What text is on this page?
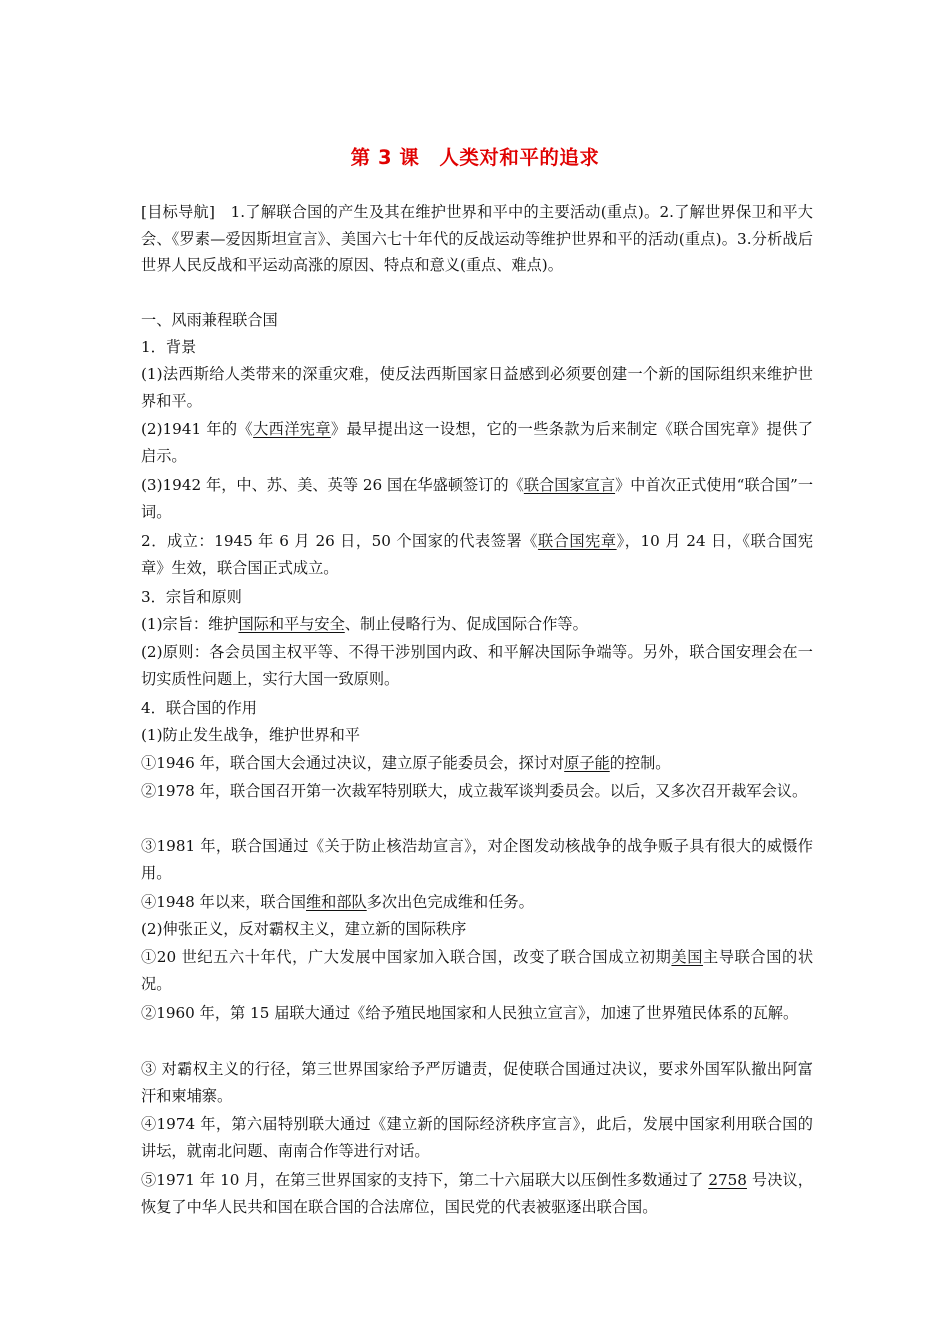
第 3 课　人类对和平的追求
[目标导航]　1.了解联合国的产生及其在维护世界和平中的主要活动(重点)。2.了解世界保卫和平大会、《罗素—爱因斯坦宣言》、美国六七十年代的反战运动等维护世界和平的活动(重点)。3.分析战后世界人民反战和平运动高涨的原因、特点和意义(重点、难点)。
一、风雨兼程联合国
1．背景
(1)法西斯给人类带来的深重灾难，使反法西斯国家日益感到必须要创建一个新的国际组织来维护世界和平。
(2)1941 年的《大西洋宪章》最早提出这一设想，它的一些条款为后来制定《联合国宪章》提供了启示。
(3)1942 年，中、苏、美、英等 26 国在华盛顿签订的《联合国家宣言》中首次正式使用“联合国”一词。
2．成立：1945 年 6 月 26 日，50 个国家的代表签署《联合国宪章》，10 月 24 日，《联合国宪章》生效，联合国正式成立。
3．宗旨和原则
(1)宗旨：维护国际和平与安全、制止侵略行为、促成国际合作等。
(2)原则：各会员国主权平等、不得干涉别国内政、和平解决国际争端等。另外，联合国安理会在一切实质性问题上，实行大国一致原则。
4．联合国的作用
(1)防止发生战争，维护世界和平
①1946 年，联合国大会通过决议，建立原子能委员会，探讨对原子能的控制。
②1978 年，联合国召开第一次裁军特别联大，成立裁军谈判委员会。以后，又多次召开裁军会议。
③1981 年，联合国通过《关于防止核浩劫宣言》，对企图发动核战争的战争贩子具有很大的威慑作用。
④1948 年以来，联合国维和部队多次出色完成维和任务。
(2)伸张正义，反对霸权主义，建立新的国际秩序
①20 世纪五六十年代，广大发展中国家加入联合国，改变了联合国成立初期美国主导联合国的状况。
②1960 年，第 15 届联大通过《给予殖民地国家和人民独立宣言》，加速了世界殖民体系的瓦解。
③ 对霸权主义的行径，第三世界国家给予严厉谴责，促使联合国通过决议，要求外国军队撤出阿富汗和柬埔寨。
④1974 年，第六届特别联大通过《建立新的国际经济秩序宣言》，此后，发展中国家利用联合国的讲坛，就南北问题、南南合作等进行对话。
⑤1971 年 10 月，在第三世界国家的支持下，第二十六届联大以压倒性多数通过了 2758 号决议，恢复了中华人民共和国在联合国的合法席位，国民党的代表被驱逐出联合国。
